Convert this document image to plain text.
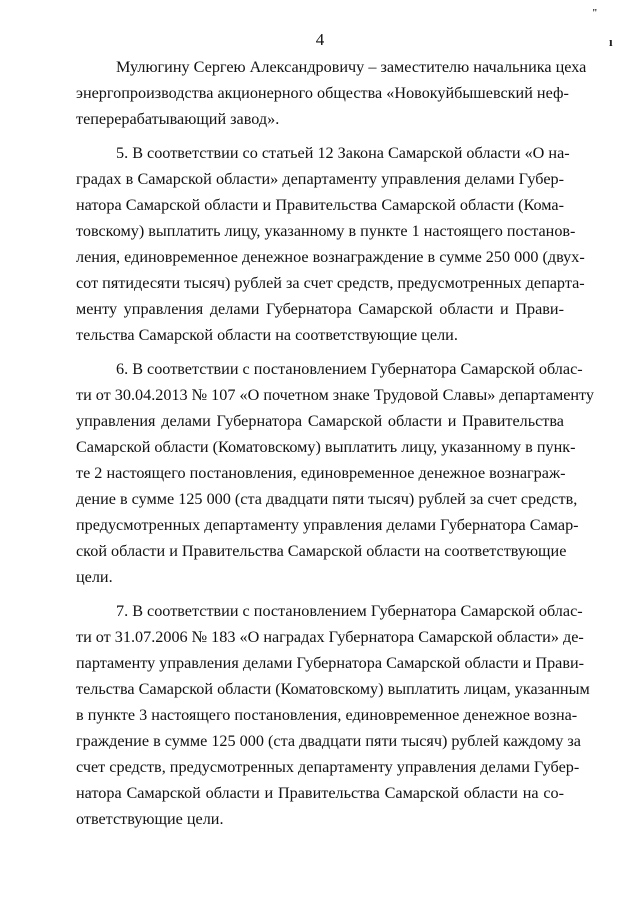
4
"
ı
Мулюгину Сергею Александровичу – заместителю начальника цеха
энергопроизводства акционерного общества «Новокуйбышевский неф-
теперерабатывающий завод».
5. В соответствии со статьей 12 Закона Самарской области «О на-
градах в Самарской области» департаменту управления делами Губер-
натора Самарской области и Правительства Самарской области (Кома-
товскому) выплатить лицу, указанному в пункте 1 настоящего постанов-
ления, единовременное денежное вознаграждение в сумме 250 000 (двух-
сот пятидесяти тысяч) рублей за счет средств, предусмотренных департа-
менту управления делами Губернатора Самарской области и Прави-
тельства Самарской области на соответствующие цели.
6. В соответствии с постановлением Губернатора Самарской облас-
ти от 30.04.2013 № 107 «О почетном знаке Трудовой Славы» департаменту
управления делами Губернатора Самарской области и Правительства
Самарской области (Коматовскому) выплатить лицу, указанному в пунк-
те 2 настоящего постановления, единовременное денежное вознаграж-
дение в сумме 125 000 (ста двадцати пяти тысяч) рублей за счет средств,
предусмотренных департаменту управления делами Губернатора Самар-
ской области и Правительства Самарской области на соответствующие
цели.
7. В соответствии с постановлением Губернатора Самарской облас-
ти от 31.07.2006 № 183 «О наградах Губернатора Самарской области» де-
партаменту управления делами Губернатора Самарской области и Прави-
тельства Самарской области (Коматовскому) выплатить лицам, указанным
в пункте 3 настоящего постановления, единовременное денежное возна-
граждение в сумме 125 000 (ста двадцати пяти тысяч) рублей каждому за
счет средств, предусмотренных департаменту управления делами Губер-
натора Самарской области и Правительства Самарской области на со-
ответствующие цели.
